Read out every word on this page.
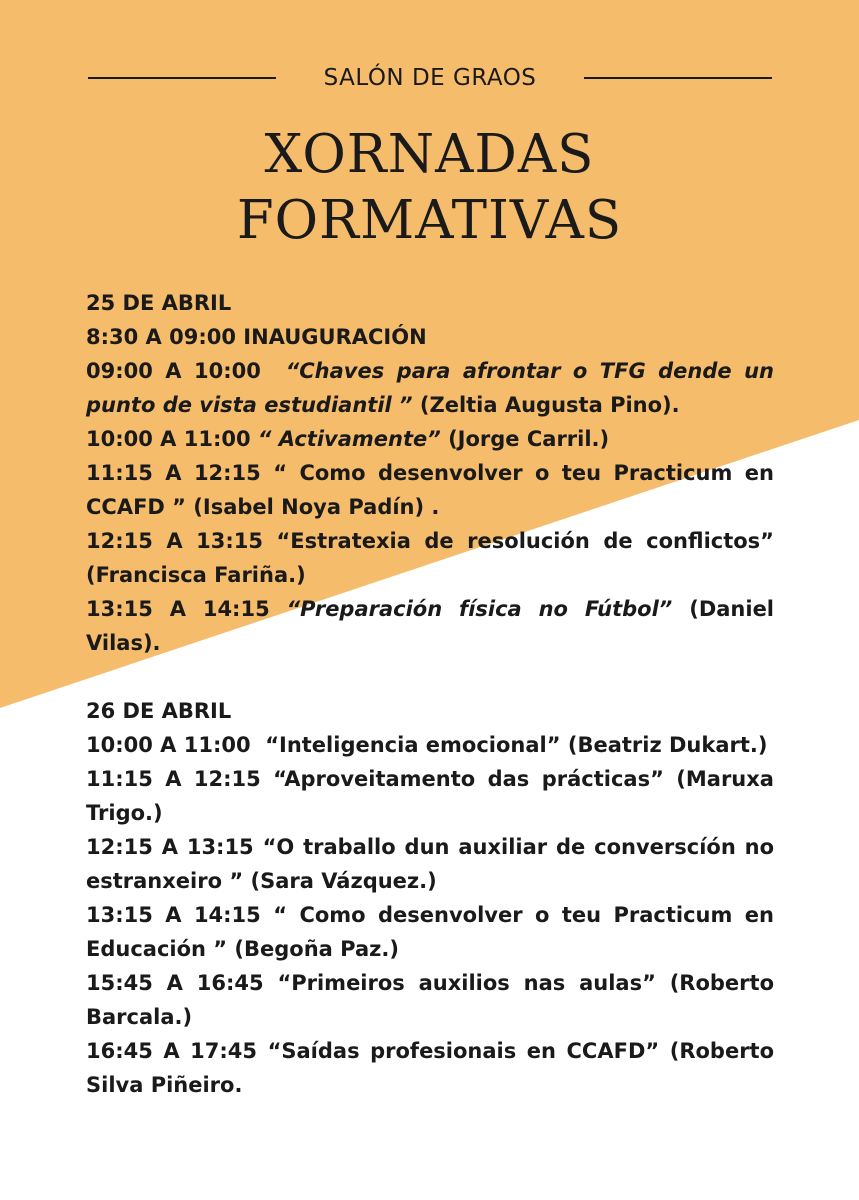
SALÓN DE GRAOS
XORNADAS
FORMATIVAS
25 DE ABRIL
8:30 A 09:00 INAUGURACIÓN
09:00 A 10:00 “Chaves para afrontar o TFG dende un punto de vista estudiantil ” (Zeltia Augusta Pino).
10:00 A 11:00 “ Activamente” (Jorge Carril.)
11:15 A 12:15 “ Como desenvolver o teu Practicum en CCAFD ” (Isabel Noya Padín) .
12:15 A 13:15 “Estratexia de resolución de conflictos” (Francisca Fariña.)
13:15 A 14:15 “Preparación física no Fútbol” (Daniel Vilas).
26 DE ABRIL
10:00 A 11:00 “Inteligencia emocional” (Beatriz Dukart.)
11:15 A 12:15 “Aproveitamento das prácticas” (Maruxa Trigo.)
12:15 A 13:15 “O traballo dun auxiliar de converscíón no estranxeiro ” (Sara Vázquez.)
13:15 A 14:15 “ Como desenvolver o teu Practicum en Educación ” (Begoña Paz.)
15:45 A 16:45 “Primeiros auxilios nas aulas” (Roberto Barcala.)
16:45 A 17:45 “Saídas profesionais en CCAFD” (Roberto Silva Piñeiro.
